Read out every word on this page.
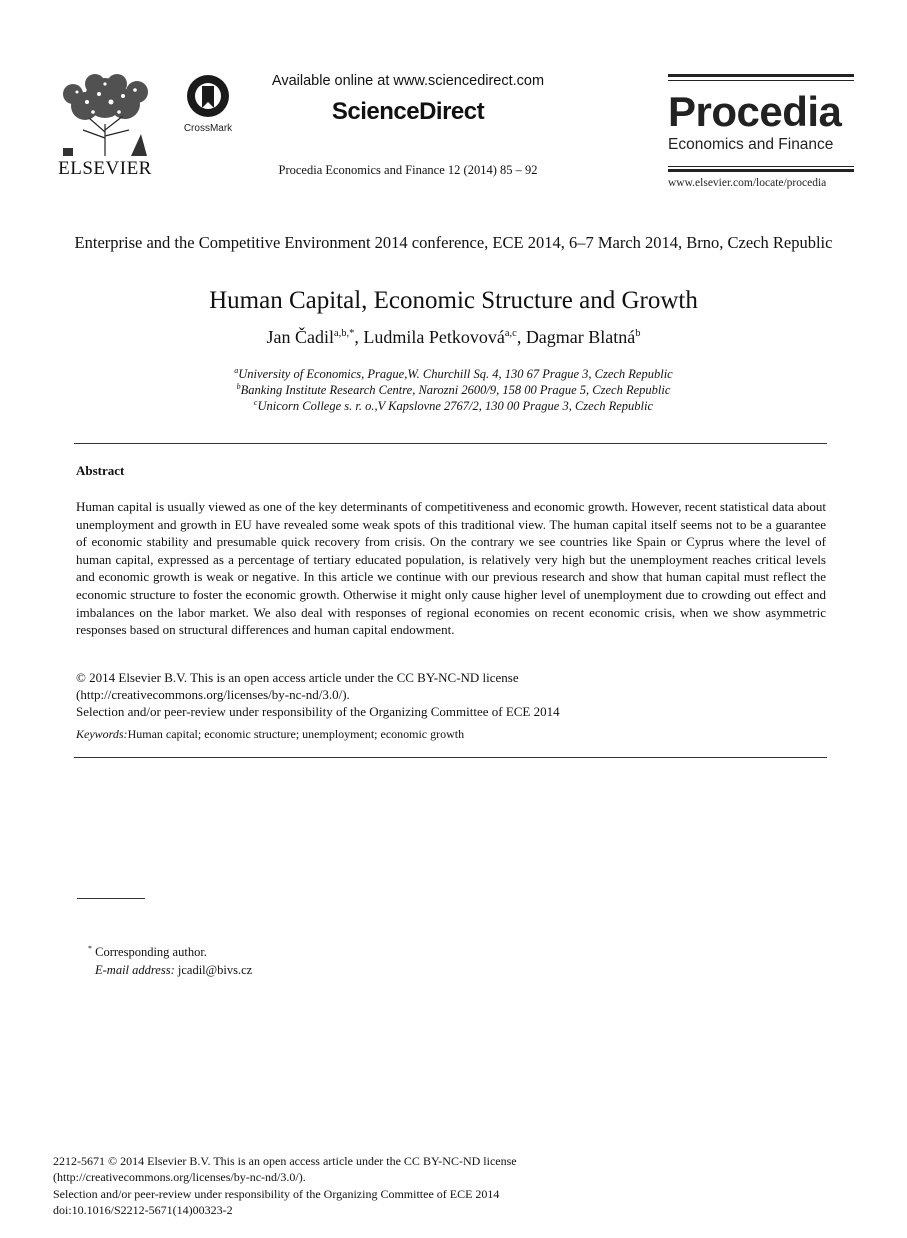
ELSEVIER
CrossMark
Available online at www.sciencedirect.com
ScienceDirect
Procedia Economics and Finance 12 (2014) 85 – 92
Procedia
Economics and Finance
www.elsevier.com/locate/procedia
Enterprise and the Competitive Environment 2014 conference, ECE 2014, 6–7 March 2014, Brno, Czech Republic
Human Capital, Economic Structure and Growth
Jan Čadil$^{a,b,*}$, Ludmila Petkovová$^{a,c}$, Dagmar Blatná$^b$
$^a$University of Economics, Prague,W. Churchill Sq. 4, 130 67 Prague 3, Czech Republic
$^b$Banking Institute Research Centre, Narozni 2600/9, 158 00 Prague 5, Czech Republic
$^c$Unicorn College s. r. o.,V Kapslovne 2767/2, 130 00 Prague 3, Czech Republic
Abstract
Human capital is usually viewed as one of the key determinants of competitiveness and economic growth. However, recent statistical data about unemployment and growth in EU have revealed some weak spots of this traditional view. The human capital itself seems not to be a guarantee of economic stability and presumable quick recovery from crisis. On the contrary we see countries like Spain or Cyprus where the level of human capital, expressed as a percentage of tertiary educated population, is relatively very high but the unemployment reaches critical levels and economic growth is weak or negative. In this article we continue with our previous research and show that human capital must reflect the economic structure to foster the economic growth. Otherwise it might only cause higher level of unemployment due to crowding out effect and imbalances on the labor market. We also deal with responses of regional economies on recent economic crisis, when we show asymmetric responses based on structural differences and human capital endowment.
© 2014 Elsevier B.V. This is an open access article under the CC BY-NC-ND license
(http://creativecommons.org/licenses/by-nc-nd/3.0/).
Selection and/or peer-review under responsibility of the Organizing Committee of ECE 2014
Keywords:Human capital; economic structure; unemployment; economic growth
* Corresponding author.
E-mail address: jcadil@bivs.cz
2212-5671 © 2014 Elsevier B.V. This is an open access article under the CC BY-NC-ND license
(http://creativecommons.org/licenses/by-nc-nd/3.0/).
Selection and/or peer-review under responsibility of the Organizing Committee of ECE 2014
doi:10.1016/S2212-5671(14)00323-2
